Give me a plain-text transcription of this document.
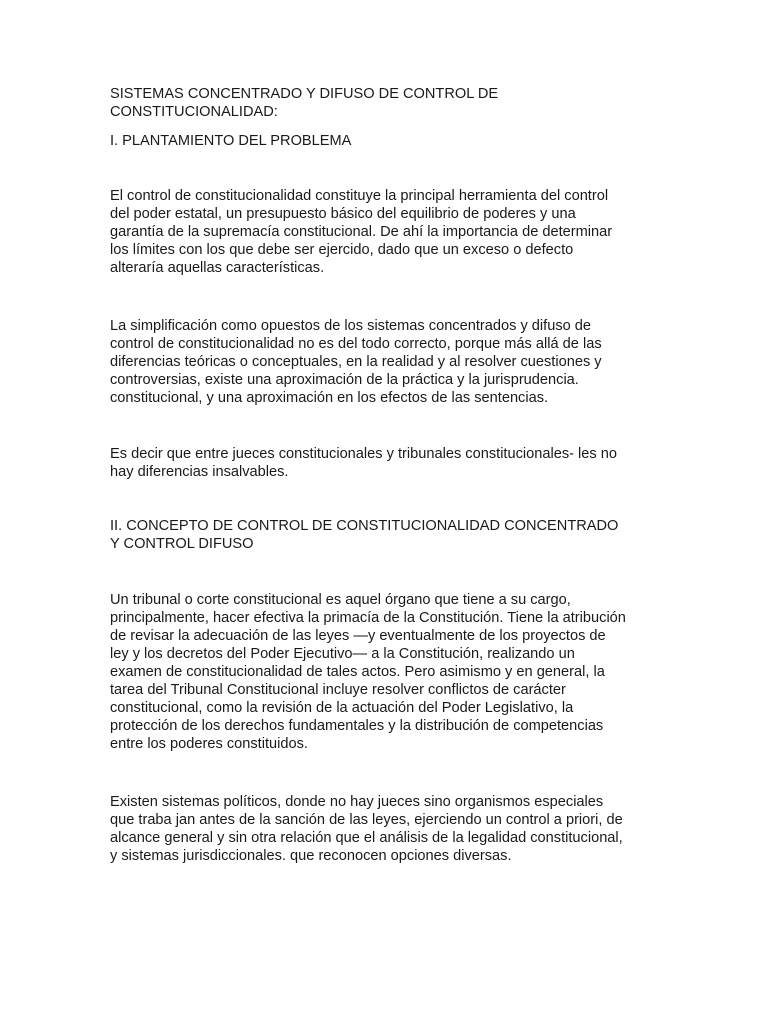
SISTEMAS CONCENTRADO Y DIFUSO DE CONTROL DE
CONSTITUCIONALIDAD:

I. PLANTAMIENTO DEL PROBLEMA

El control de constitucionalidad constituye la principal herramienta del control
del poder estatal, un presupuesto básico del equilibrio de poderes y una
garantía de la supremacía constitucional. De ahí la importancia de determinar
los límites con los que debe ser ejercido, dado que un exceso o defecto
alteraría aquellas características.

La simplificación como opuestos de los sistemas concentrados y difuso de
control de constitucionalidad no es del todo correcto, porque más allá de las
diferencias teóricas o conceptuales, en la realidad y al resolver cuestiones y
controversias, existe una aproximación de la práctica y la jurisprudencia.
constitucional, y una aproximación en los efectos de las sentencias.

Es decir que entre jueces constitucionales y tribunales constitucionales- les no
hay diferencias insalvables.

II. CONCEPTO DE CONTROL DE CONSTITUCIONALIDAD CONCENTRADO
Y CONTROL DIFUSO

Un tribunal o corte constitucional es aquel órgano que tiene a su cargo,
principalmente, hacer efectiva la primacía de la Constitución. Tiene la atribución
de revisar la adecuación de las leyes —y eventualmente de los proyectos de
ley y los decretos del Poder Ejecutivo— a la Constitución, realizando un
examen de constitucionalidad de tales actos. Pero asimismo y en general, la
tarea del Tribunal Constitucional incluye resolver conflictos de carácter
constitucional, como la revisión de la actuación del Poder Legislativo, la
protección de los derechos fundamentales y la distribución de competencias
entre los poderes constituidos.

Existen sistemas políticos, donde no hay jueces sino organismos especiales
que traba jan antes de la sanción de las leyes, ejerciendo un control a priori, de
alcance general y sin otra relación que el análisis de la legalidad constitucional,
y sistemas jurisdiccionales. que reconocen opciones diversas.
